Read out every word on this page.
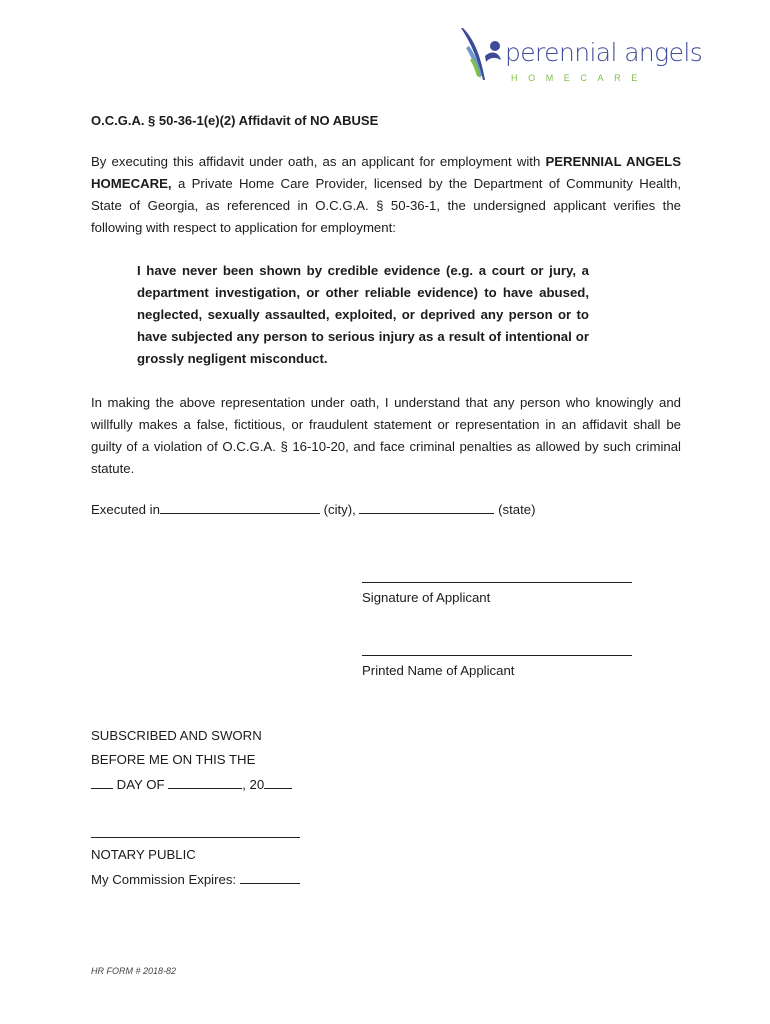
perennial angels
HOMECARE
O.C.G.A. § 50-36-1(e)(2) Affidavit of NO ABUSE
By executing this affidavit under oath, as an applicant for employment with PERENNIAL ANGELS HOMECARE, a Private Home Care Provider, licensed by the Department of Community Health, State of Georgia, as referenced in O.C.G.A. § 50-36-1, the undersigned applicant verifies the following with respect to application for employment:
I have never been shown by credible evidence (e.g. a court or jury, a department investigation, or other reliable evidence) to have abused, neglected, sexually assaulted, exploited, or deprived any person or to have subjected any person to serious injury as a result of intentional or grossly negligent misconduct.
In making the above representation under oath, I understand that any person who knowingly and willfully makes a false, fictitious, or fraudulent statement or representation in an affidavit shall be guilty of a violation of O.C.G.A. § 16-10-20, and face criminal penalties as allowed by such criminal statute.
Executed in	(city),	(state)
Signature of Applicant
Printed Name of Applicant
SUBSCRIBED AND SWORN
BEFORE ME ON THIS THE
DAY OF	, 20
NOTARY PUBLIC
My Commission Expires:
HR FORM # 2018-82
